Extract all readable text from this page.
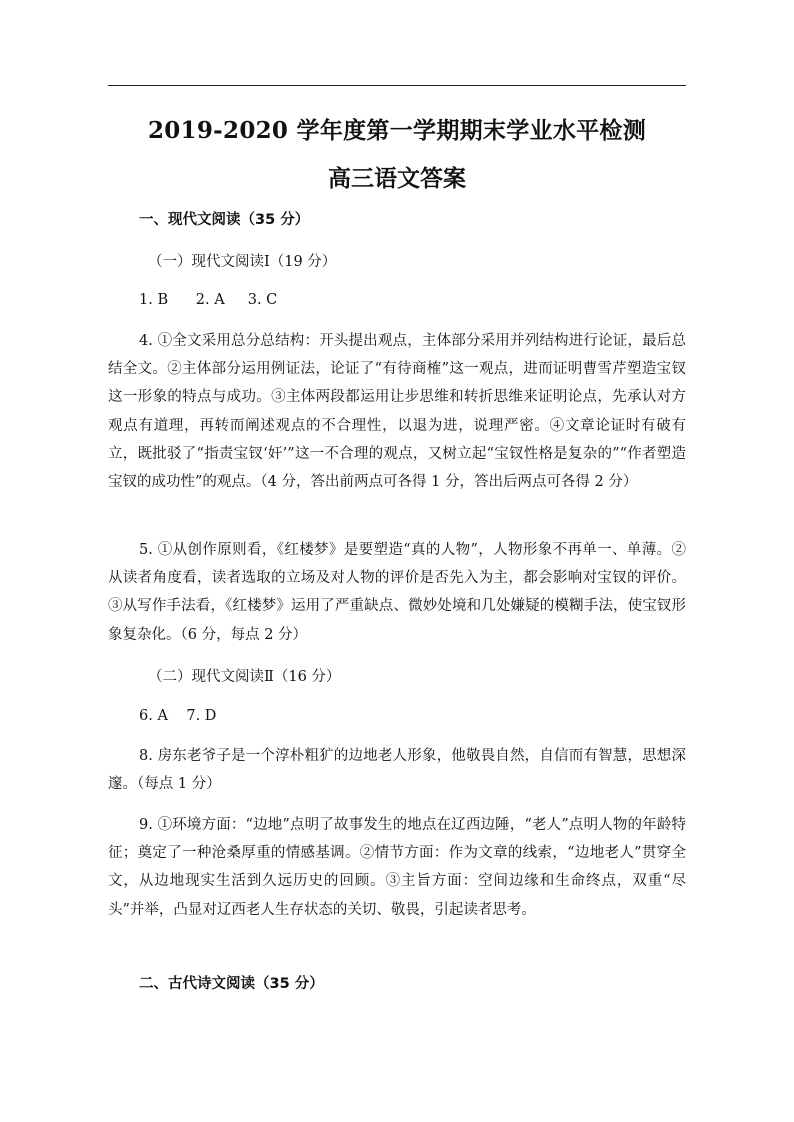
2019-2020 学年度第一学期期末学业水平检测
高三语文答案
一、现代文阅读（35 分）
（一）现代文阅读Ⅰ（19 分）
1. B      2. A     3. C

4. ①全文采用总分总结构：开头提出观点，主体部分采用并列结构进行论证，最后总结全文。②主体部分运用例证法，论证了“有待商榷”这一观点，进而证明曹雪芹塑造宝钗这一形象的特点与成功。③主体两段都运用让步思维和转折思维来证明论点，先承认对方观点有道理，再转而阐述观点的不合理性，以退为进，说理严密。④文章论证时有破有立，既批驳了“指责宝钗‘奸’”这一不合理的观点，又树立起“宝钗性格是复杂的”“作者塑造宝钗的成功性”的观点。（4 分，答出前两点可各得 1 分，答出后两点可各得 2 分）

5. ①从创作原则看，《红楼梦》是要塑造“真的人物”，人物形象不再单一、单薄。②从读者角度看，读者选取的立场及对人物的评价是否先入为主，都会影响对宝钗的评价。③从写作手法看，《红楼梦》运用了严重缺点、微妙处境和几处嫌疑的模糊手法，使宝钗形象复杂化。（6 分，每点 2 分）

（二）现代文阅读Ⅱ（16 分）
6. A    7. D

8. 房东老爷子是一个淳朴粗犷的边地老人形象，他敬畏自然，自信而有智慧，思想深邃。（每点 1 分）

9. ①环境方面：“边地”点明了故事发生的地点在辽西边陲，“老人”点明人物的年龄特征；奠定了一种沧桑厚重的情感基调。②情节方面：作为文章的线索，“边地老人”贯穿全文，从边地现实生活到久远历史的回顾。③主旨方面：空间边缘和生命终点，双重“尽头”并举，凸显对辽西老人生存状态的关切、敬畏，引起读者思考。

二、古代诗文阅读（35 分）
